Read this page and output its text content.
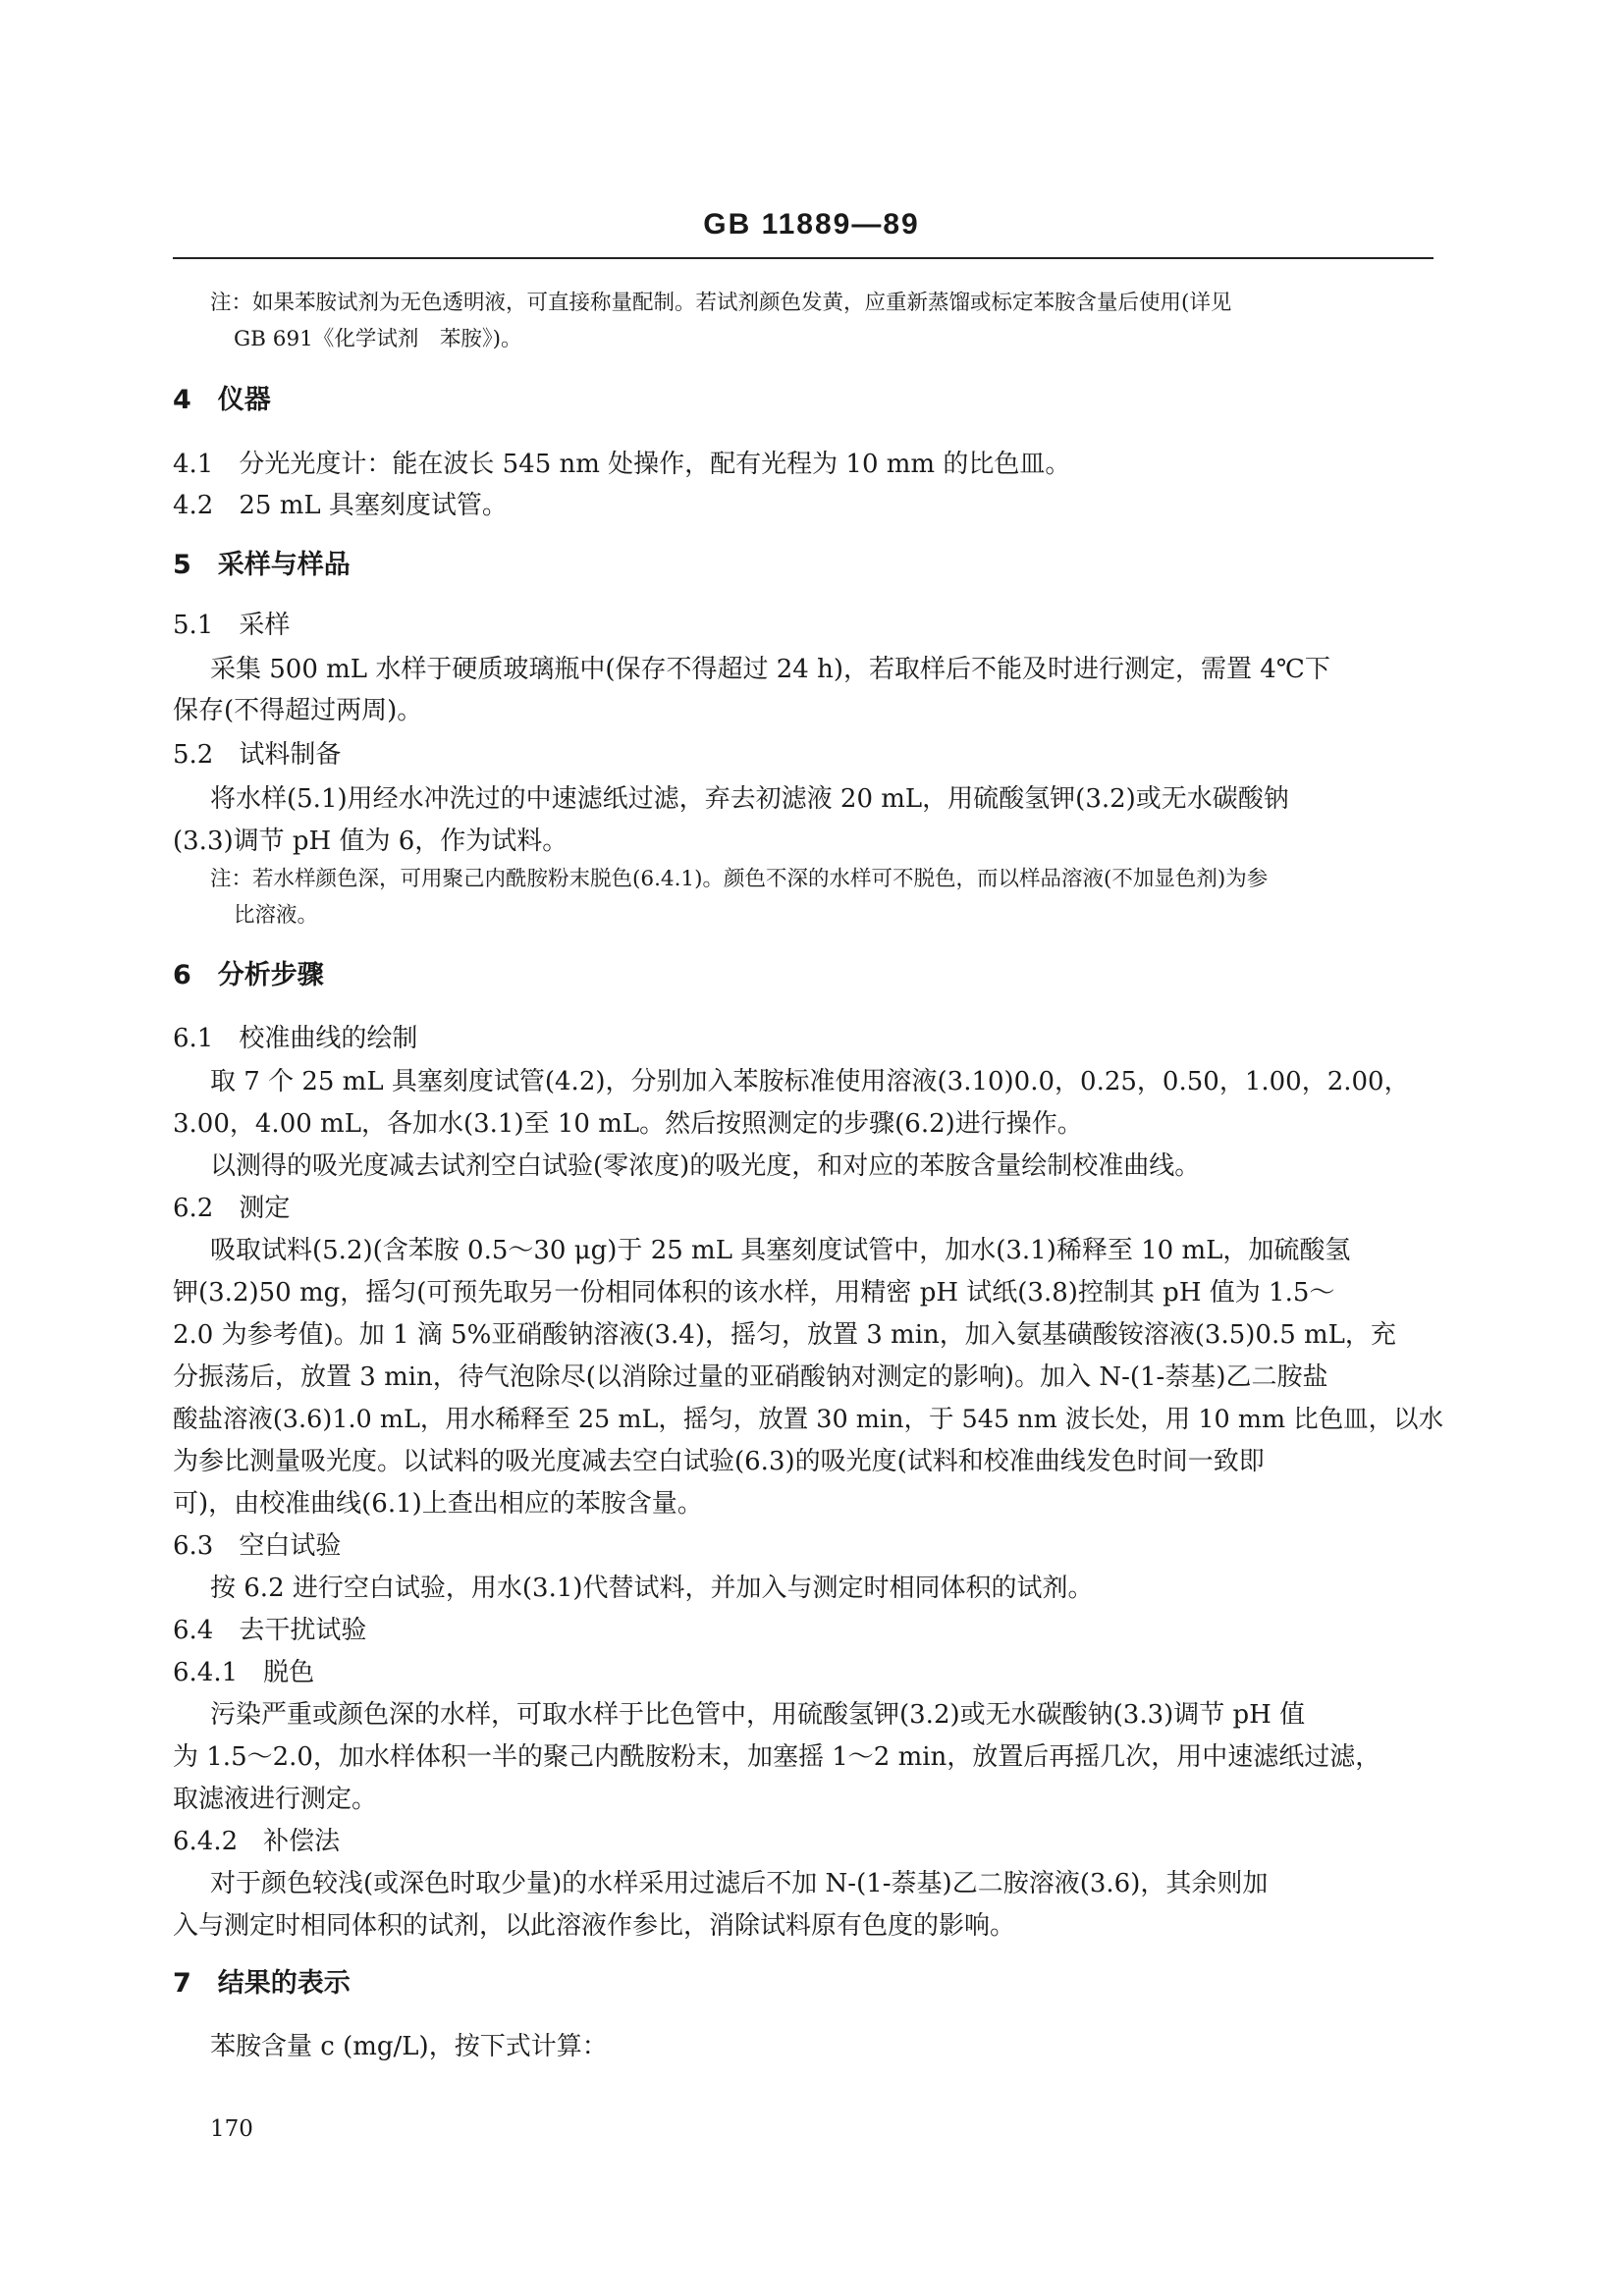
GB 11889—89
注：如果苯胺试剂为无色透明液，可直接称量配制。若试剂颜色发黄，应重新蒸馏或标定苯胺含量后使用(详见
GB 691《化学试剂　苯胺》)。
4　仪器
4.1　分光光度计：能在波长 545 nm 处操作，配有光程为 10 mm 的比色皿。
4.2　25 mL 具塞刻度试管。
5　采样与样品
5.1　采样
采集 500 mL 水样于硬质玻璃瓶中(保存不得超过 24 h)，若取样后不能及时进行测定，需置 4℃下
保存(不得超过两周)。
5.2　试料制备
将水样(5.1)用经水冲洗过的中速滤纸过滤，弃去初滤液 20 mL，用硫酸氢钾(3.2)或无水碳酸钠
(3.3)调节 pH 值为 6，作为试料。
注：若水样颜色深，可用聚己内酰胺粉末脱色(6.4.1)。颜色不深的水样可不脱色，而以样品溶液(不加显色剂)为参
比溶液。
6　分析步骤
6.1　校准曲线的绘制
取 7 个 25 mL 具塞刻度试管(4.2)，分别加入苯胺标准使用溶液(3.10)0.0，0.25，0.50，1.00，2.00，
3.00，4.00 mL，各加水(3.1)至 10 mL。然后按照测定的步骤(6.2)进行操作。
以测得的吸光度减去试剂空白试验(零浓度)的吸光度，和对应的苯胺含量绘制校准曲线。
6.2　测定
吸取试料(5.2)(含苯胺 0.5～30 μg)于 25 mL 具塞刻度试管中，加水(3.1)稀释至 10 mL，加硫酸氢
钾(3.2)50 mg，摇匀(可预先取另一份相同体积的该水样，用精密 pH 试纸(3.8)控制其 pH 值为 1.5～
2.0 为参考值)。加 1 滴 5%亚硝酸钠溶液(3.4)，摇匀，放置 3 min，加入氨基磺酸铵溶液(3.5)0.5 mL，充
分振荡后，放置 3 min，待气泡除尽(以消除过量的亚硝酸钠对测定的影响)。加入 N-(1-萘基)乙二胺盐
酸盐溶液(3.6)1.0 mL，用水稀释至 25 mL，摇匀，放置 30 min，于 545 nm 波长处，用 10 mm 比色皿，以水
为参比测量吸光度。以试料的吸光度减去空白试验(6.3)的吸光度(试料和校准曲线发色时间一致即
可)，由校准曲线(6.1)上查出相应的苯胺含量。
6.3　空白试验
按 6.2 进行空白试验，用水(3.1)代替试料，并加入与测定时相同体积的试剂。
6.4　去干扰试验
6.4.1　脱色
污染严重或颜色深的水样，可取水样于比色管中，用硫酸氢钾(3.2)或无水碳酸钠(3.3)调节 pH 值
为 1.5～2.0，加水样体积一半的聚己内酰胺粉末，加塞摇 1～2 min，放置后再摇几次，用中速滤纸过滤，
取滤液进行测定。
6.4.2　补偿法
对于颜色较浅(或深色时取少量)的水样采用过滤后不加 N-(1-萘基)乙二胺溶液(3.6)，其余则加
入与测定时相同体积的试剂，以此溶液作参比，消除试料原有色度的影响。
7　结果的表示
苯胺含量 c (mg/L)，按下式计算：
170
